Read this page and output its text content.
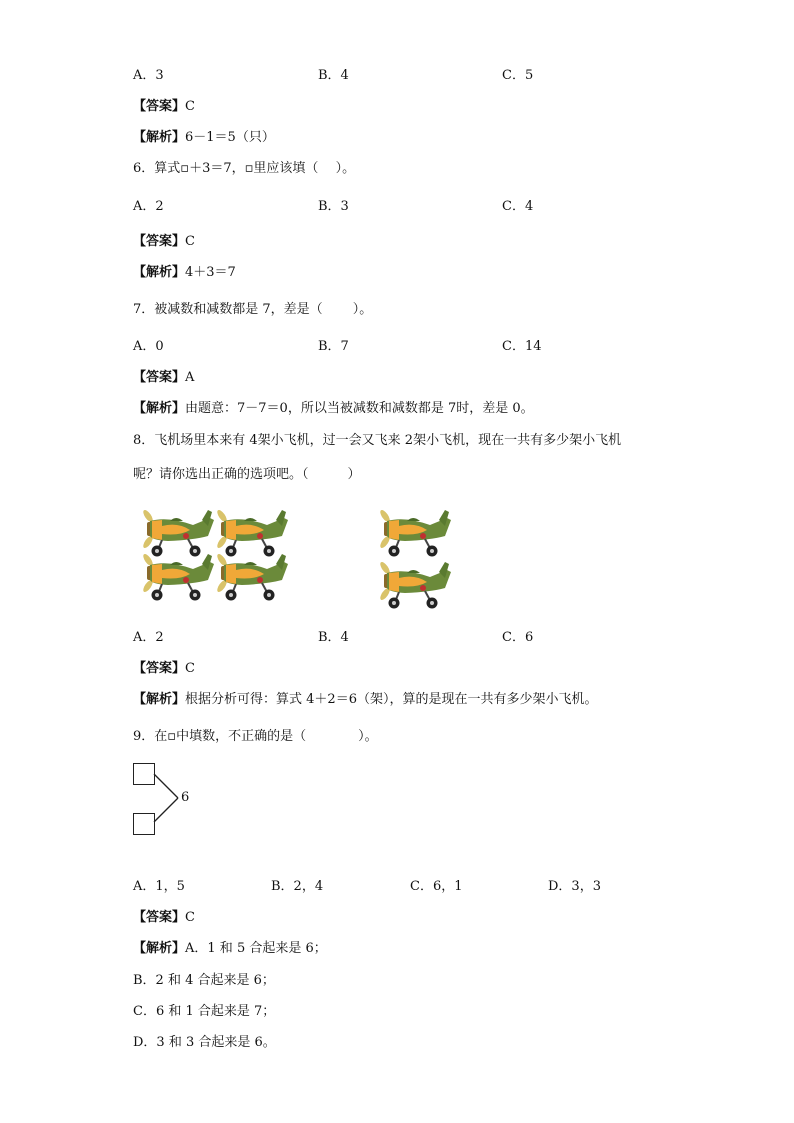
A．3	B．4	C．5
【答案】C
【解析】6－1＝5（只）
6．算式▫＋3＝7，▫里应该填（　 ）。
A．2	B．3	C．4
【答案】C
【解析】4＋3＝7
7．被减数和减数都是 7，差是（　　 ）。
A．0	B．7	C．14
【答案】A
【解析】由题意：7－7＝0，所以当被减数和减数都是 7时，差是 0。
8．飞机场里本来有 4架小飞机，过一会又飞来 2架小飞机，现在一共有多少架小飞机
呢？请你选出正确的选项吧。（　　　）
A．2	B．4	C．6
【答案】C
【解析】根据分析可得：算式 4＋2＝6（架），算的是现在一共有多少架小飞机。
9．在▫中填数，不正确的是（　　　　）。
6
A．1，5	B．2，4	C．6，1	D．3，3
【答案】C
【解析】A．1 和 5 合起来是 6；
B．2 和 4 合起来是 6；
C．6 和 1 合起来是 7；
D．3 和 3 合起来是 6。
